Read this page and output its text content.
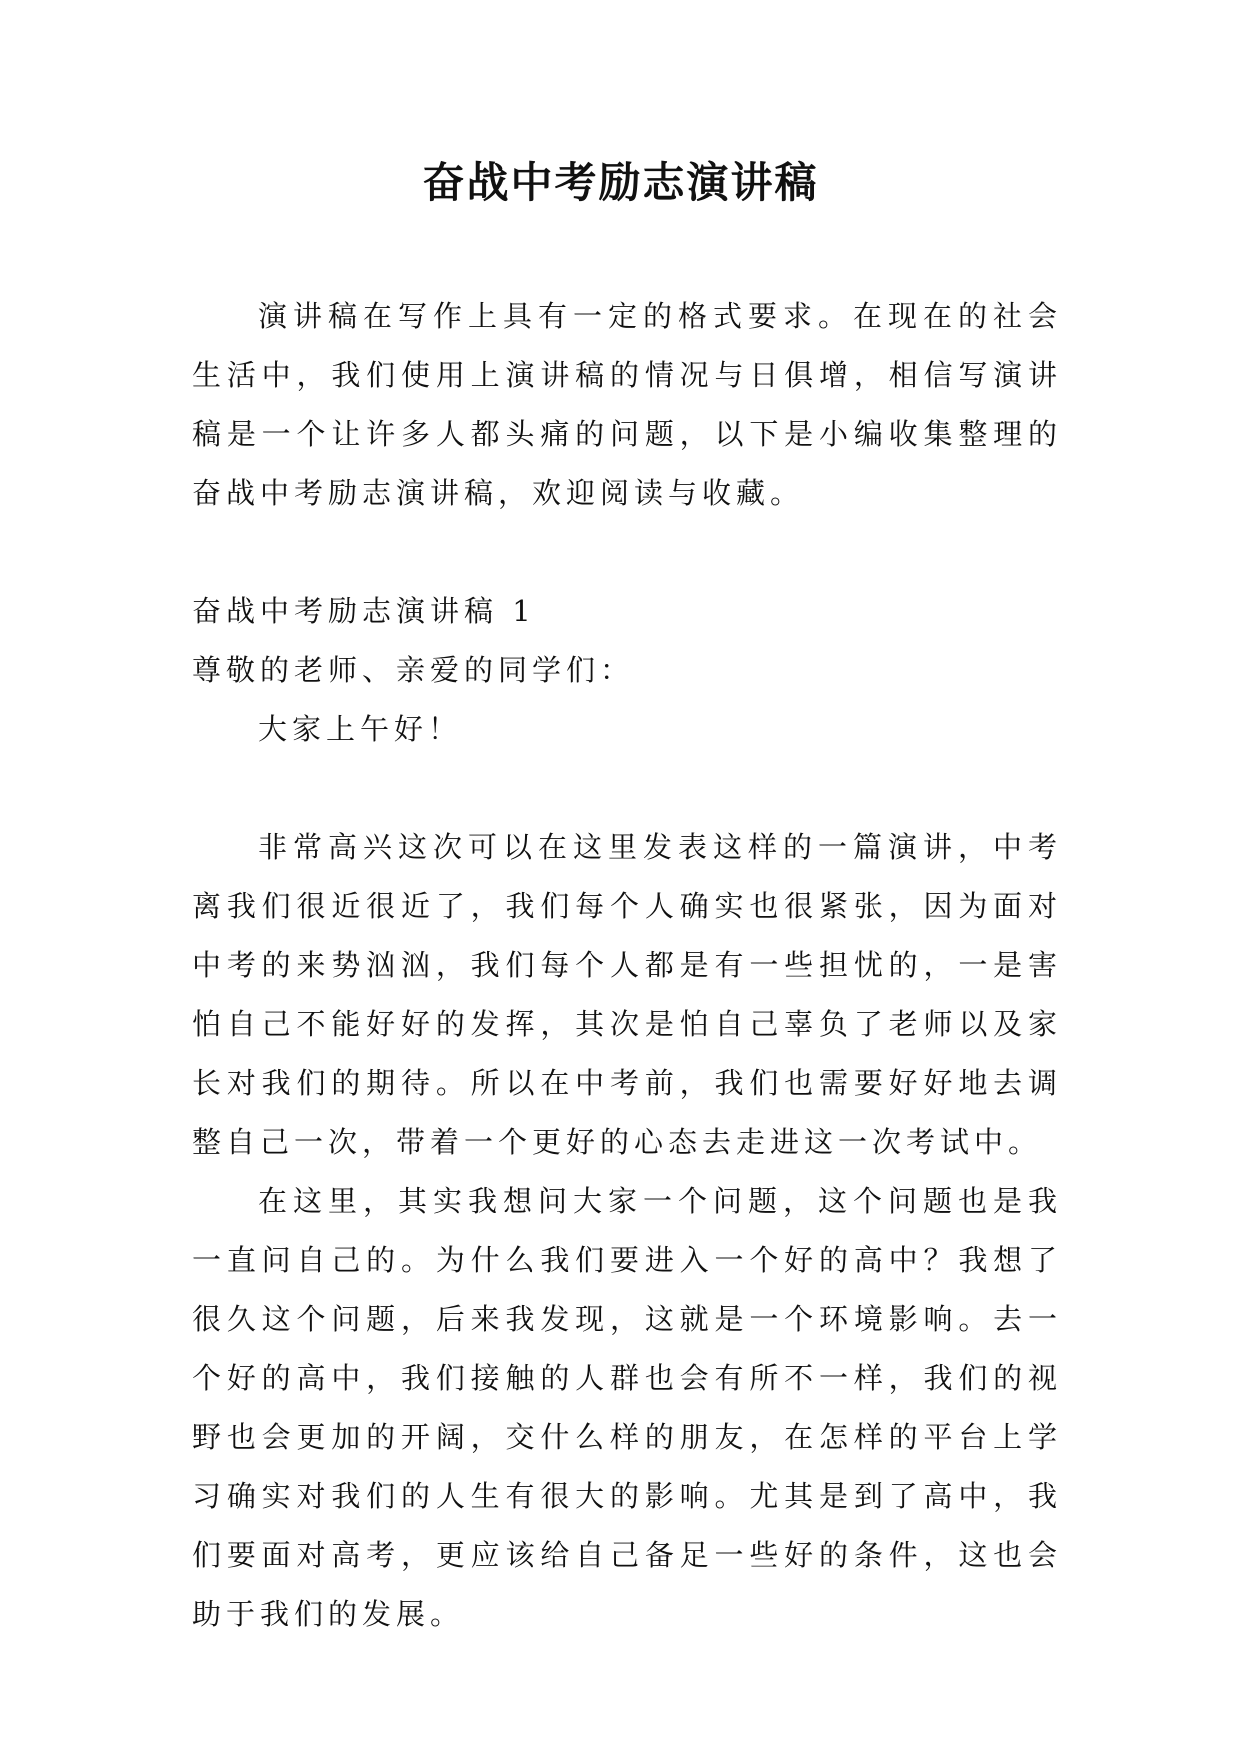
奋战中考励志演讲稿

演讲稿在写作上具有一定的格式要求。在现在的社会生活中，我们使用上演讲稿的情况与日俱增，相信写演讲稿是一个让许多人都头痛的问题，以下是小编收集整理的奋战中考励志演讲稿，欢迎阅读与收藏。

奋战中考励志演讲稿 1

尊敬的老师、亲爱的同学们：

大家上午好！

非常高兴这次可以在这里发表这样的一篇演讲，中考离我们很近很近了，我们每个人确实也很紧张，因为面对中考的来势汹汹，我们每个人都是有一些担忧的，一是害怕自己不能好好的发挥，其次是怕自己辜负了老师以及家长对我们的期待。所以在中考前，我们也需要好好地去调整自己一次，带着一个更好的心态去走进这一次考试中。

在这里，其实我想问大家一个问题，这个问题也是我一直问自己的。为什么我们要进入一个好的高中？我想了很久这个问题，后来我发现，这就是一个环境影响。去一个好的高中，我们接触的人群也会有所不一样，我们的视野也会更加的开阔，交什么样的朋友，在怎样的平台上学习确实对我们的人生有很大的影响。尤其是到了高中，我们要面对高考，更应该给自己备足一些好的条件，这也会助于我们的发展。
